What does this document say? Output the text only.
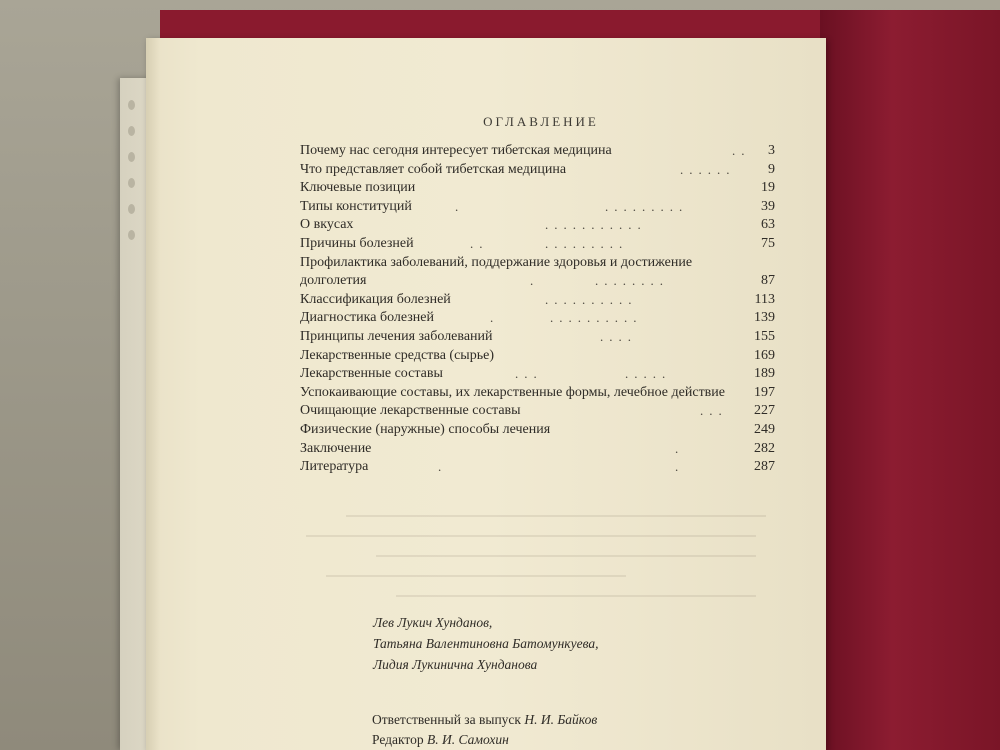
ОГЛАВЛЕНИЕ
Почему нас сегодня интересует тибетская медицина	..	3
Что представляет собой тибетская медицина	......	9
Ключевые позиции	19
Типы конституций	.	.........	39
О вкусах	...........	63
Причины болезней	..	.........	75
Профилактика заболеваний, поддержание здоровья и достижение долголетия	.	........	87
Классификация болезней	..........	113
Диагностика болезней	.	..........	139
Принципы лечения заболеваний	....	155
Лекарственные средства (сырье)	169
Лекарственные составы	...	.....	189
Успокаивающие составы, их лекарственные формы, лечебное действие	197
Очищающие лекарственные составы	...	227
Физические (наружные) способы лечения	249
Заключение	.	282
Литература	.	.	287
Лев Лукич Хунданов,
Татьяна Валентиновна Батомункуева,
Лидия Лукинична Хунданова
Ответственный за выпуск Н. И. Байков
Редактор В. И. Самохин
